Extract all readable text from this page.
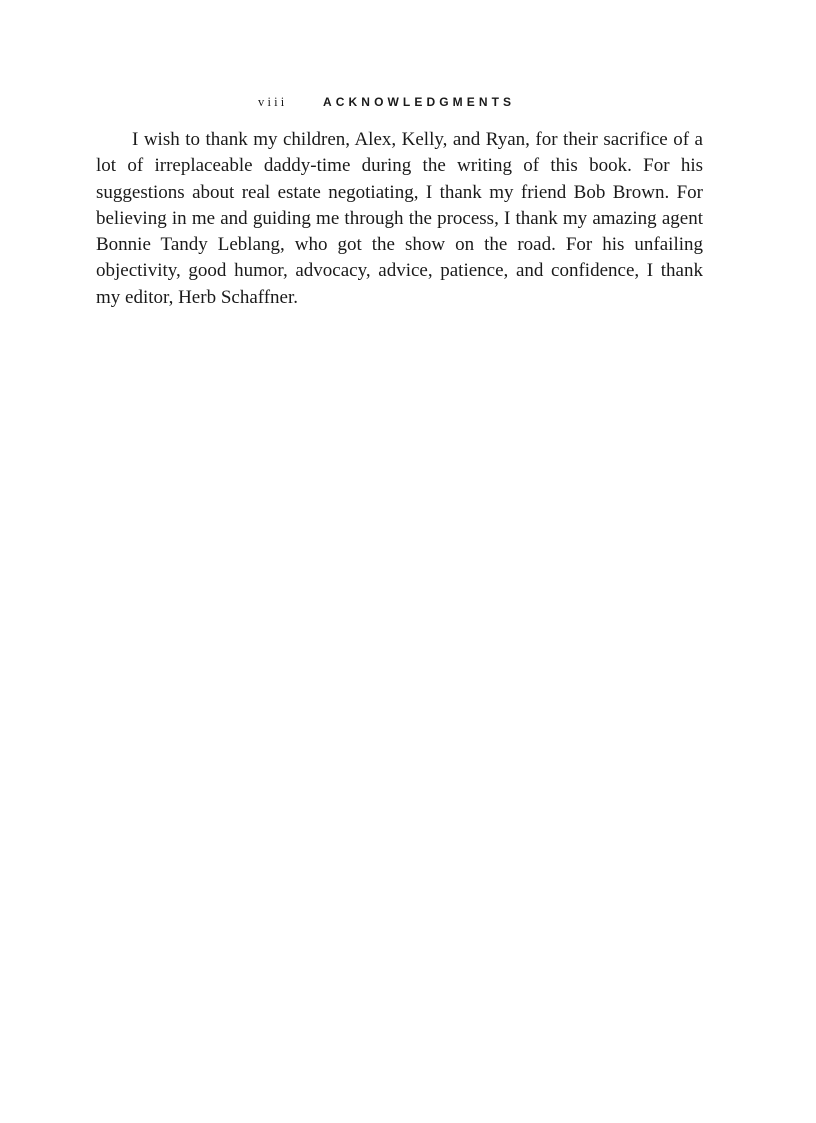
viii	ACKNOWLEDGMENTS

I wish to thank my children, Alex, Kelly, and Ryan, for their sacrifice of a lot of irreplaceable daddy-time during the writing of this book. For his suggestions about real estate negotiating, I thank my friend Bob Brown. For believing in me and guiding me through the process, I thank my amazing agent Bonnie Tandy Leblang, who got the show on the road. For his unfailing objectivity, good humor, advocacy, advice, patience, and confidence, I thank my editor, Herb Schaffner.
